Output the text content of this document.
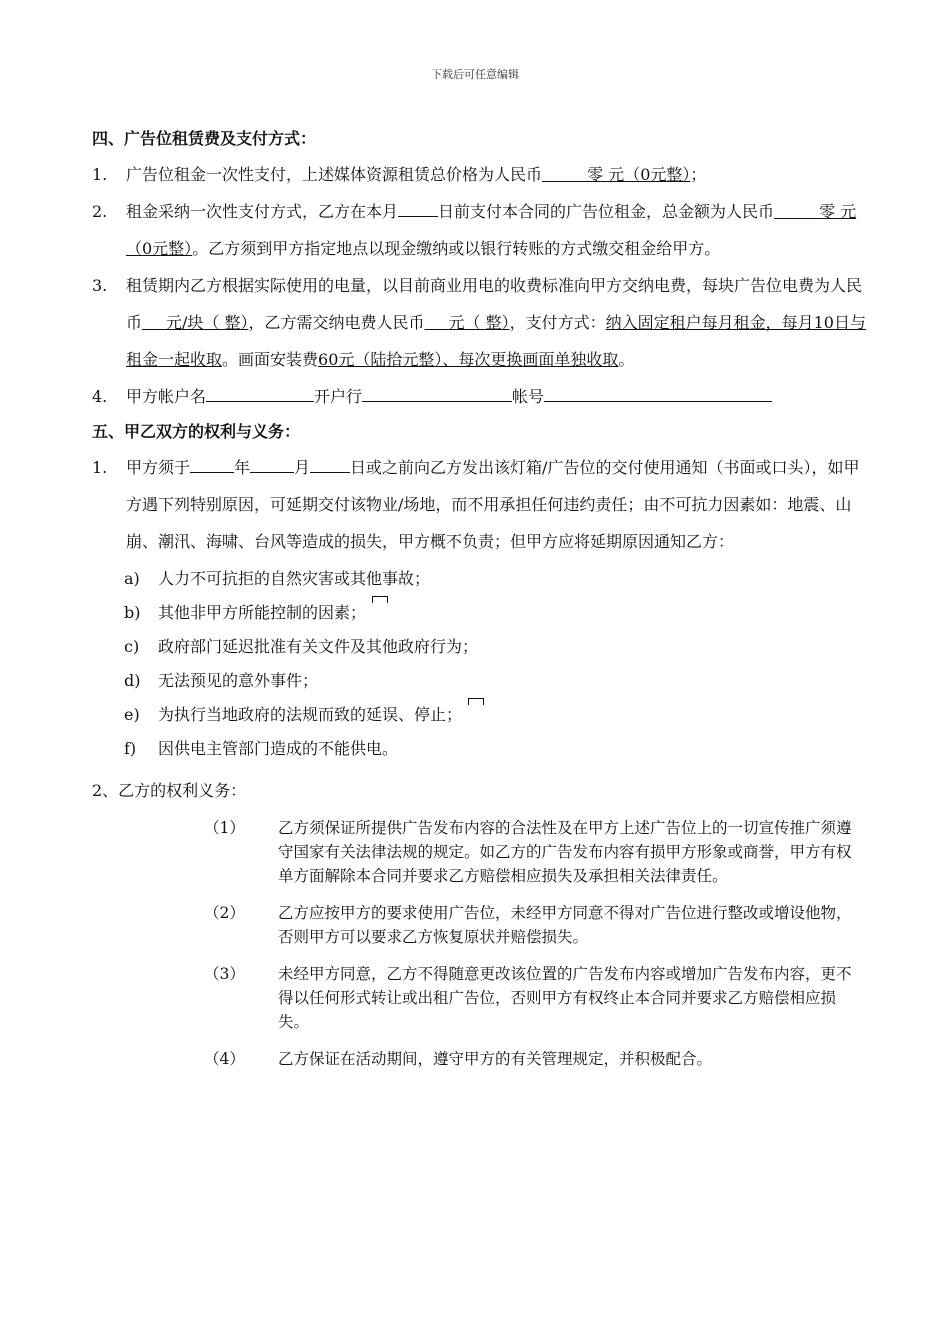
下载后可任意编辑
四、广告位租赁费及支付方式：
1.	广告位租金一次性支付，上述媒体资源租赁总价格为人民币   	零 元（0元整）；
2.	租金采纳一次性支付方式，乙方在本月	日前支付本合同的广告位租金，总金额为人民币   	零 元（0元整）。乙方须到甲方指定地点以现金缴纳或以银行转账的方式缴交租金给甲方。
3.	租赁期内乙方根据实际使用的电量，以目前商业用电的收费标准向甲方交纳电费，每块广告位电费为人民币   元/块（ 整），乙方需交纳电费人民币   元（ 整），支付方式：纳入固定租户每月租金，每月10日与租金一起收取。画面安装费60元（陆拾元整）、每次更换画面单独收取。
4.	甲方帐户名	开户行	帐号
五、甲乙双方的权利与义务：
1.	甲方须于	年	月	日或之前向乙方发出该灯箱/广告位的交付使用通知（书面或口头），如甲方遇下列特别原因，可延期交付该物业/场地，而不用承担任何违约责任；由不可抗力因素如：地震、山崩、潮汛、海啸、台风等造成的损失，甲方概不负责；但甲方应将延期原因通知乙方：
a)	人力不可抗拒的自然灾害或其他事故；
b)	其他非甲方所能控制的因素；
c)	政府部门延迟批准有关文件及其他政府行为；
d)	无法预见的意外事件；
e)	为执行当地政府的法规而致的延误、停止；
f)	因供电主管部门造成的不能供电。
2、乙方的权利义务：
（1）	乙方须保证所提供广告发布内容的合法性及在甲方上述广告位上的一切宣传推广须遵守国家有关法律法规的规定。如乙方的广告发布内容有损甲方形象或商誉，甲方有权单方面解除本合同并要求乙方赔偿相应损失及承担相关法律责任。
（2）	乙方应按甲方的要求使用广告位，未经甲方同意不得对广告位进行整改或增设他物，否则甲方可以要求乙方恢复原状并赔偿损失。
（3）	未经甲方同意，乙方不得随意更改该位置的广告发布内容或增加广告发布内容，更不得以任何形式转让或出租广告位，否则甲方有权终止本合同并要求乙方赔偿相应损失。
（4）	乙方保证在活动期间，遵守甲方的有关管理规定，并积极配合。
